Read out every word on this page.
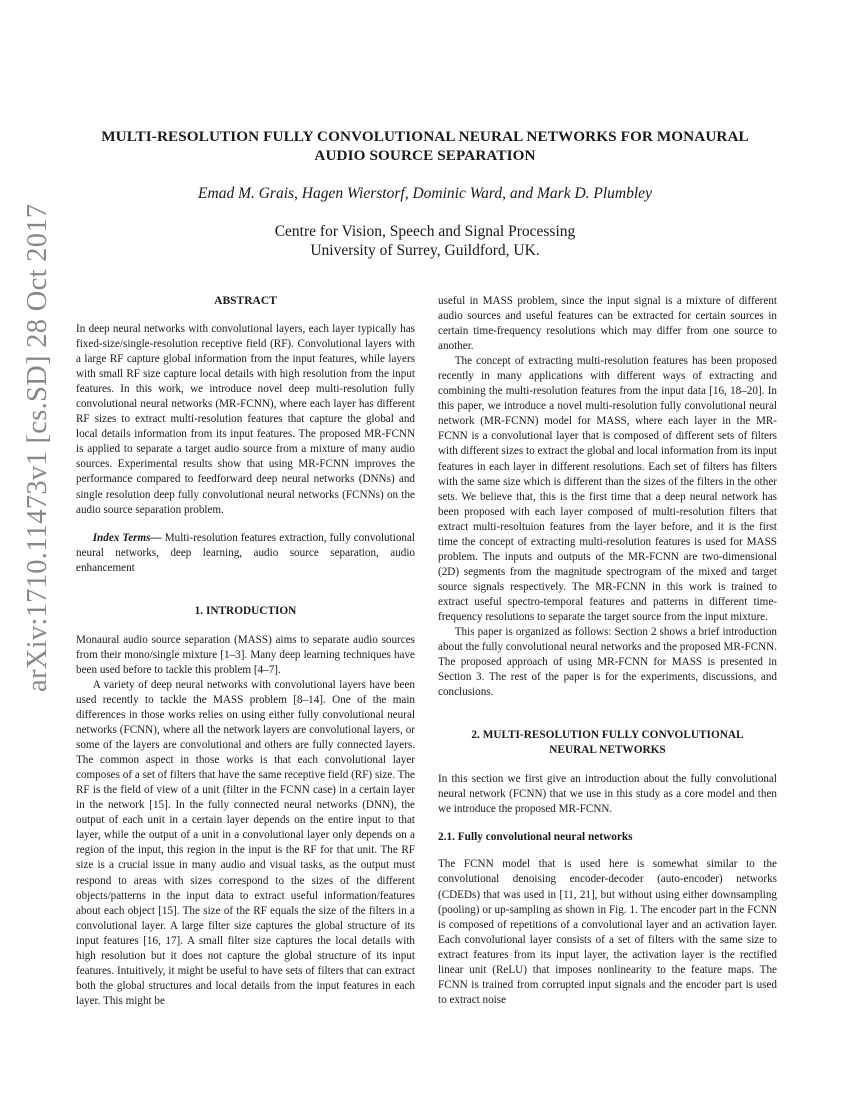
MULTI-RESOLUTION FULLY CONVOLUTIONAL NEURAL NETWORKS FOR MONAURAL
AUDIO SOURCE SEPARATION
Emad M. Grais, Hagen Wierstorf, Dominic Ward, and Mark D. Plumbley
Centre for Vision, Speech and Signal Processing
University of Surrey, Guildford, UK.
arXiv:1710.11473v1 [cs.SD] 28 Oct 2017	ABSTRACT

In deep neural networks with convolutional layers, each layer typically has fixed-size/single-resolution receptive field (RF). Convolutional layers with a large RF capture global information from the input features, while layers with small RF size capture local details with high resolution from the input features. In this work, we introduce novel deep multi-resolution fully convolutional neural networks (MR-FCNN), where each layer has different RF sizes to extract multi-resolution features that capture the global and local details information from its input features. The proposed MR-FCNN is applied to separate a target audio source from a mixture of many audio sources. Experimental results show that using MR-FCNN improves the performance compared to feedforward deep neural networks (DNNs) and single resolution deep fully convolutional neural networks (FCNNs) on the audio source separation problem.

Index Terms— Multi-resolution features extraction, fully convolutional neural networks, deep learning, audio source separation, audio enhancement

1. INTRODUCTION

Monaural audio source separation (MASS) aims to separate audio sources from their mono/single mixture [1–3]. Many deep learning techniques have been used before to tackle this problem [4–7].

A variety of deep neural networks with convolutional layers have been used recently to tackle the MASS problem [8–14]. One of the main differences in those works relies on using either fully convolutional neural networks (FCNN), where all the network layers are convolutional layers, or some of the layers are convolutional and others are fully connected layers. The common aspect in those works is that each convolutional layer composes of a set of filters that have the same receptive field (RF) size. The RF is the field of view of a unit (filter in the FCNN case) in a certain layer in the network [15]. In the fully connected neural networks (DNN), the output of each unit in a certain layer depends on the entire input to that layer, while the output of a unit in a convolutional layer only depends on a region of the input, this region in the input is the RF for that unit. The RF size is a crucial issue in many audio and visual tasks, as the output must respond to areas with sizes correspond to the sizes of the different objects/patterns in the input data to extract useful information/features about each object [15]. The size of the RF equals the size of the filters in a convolutional layer. A large filter size captures the global structure of its input features [16, 17]. A small filter size captures the local details with high resolution but it does not capture the global structure of its input features. Intuitively, it might be useful to have sets of filters that can extract both the global structures and local details from the input features in each layer. This might be

useful in MASS problem, since the input signal is a mixture of different audio sources and useful features can be extracted for certain sources in certain time-frequency resolutions which may differ from one source to another.

The concept of extracting multi-resolution features has been proposed recently in many applications with different ways of extracting and combining the multi-resolution features from the input data [16, 18–20]. In this paper, we introduce a novel multi-resolution fully convolutional neural network (MR-FCNN) model for MASS, where each layer in the MR-FCNN is a convolutional layer that is composed of different sets of filters with different sizes to extract the global and local information from its input features in each layer in different resolutions. Each set of filters has filters with the same size which is different than the sizes of the filters in the other sets. We believe that, this is the first time that a deep neural network has been proposed with each layer composed of multi-resolution filters that extract multi-resoltuion features from the layer before, and it is the first time the concept of extracting multi-resolution features is used for MASS problem. The inputs and outputs of the MR-FCNN are two-dimensional (2D) segments from the magnitude spectrogram of the mixed and target source signals respectively. The MR-FCNN in this work is trained to extract useful spectro-temporal features and patterns in different time-frequency resolutions to separate the target source from the input mixture.

This paper is organized as follows: Section 2 shows a brief introduction about the fully convolutional neural networks and the proposed MR-FCNN. The proposed approach of using MR-FCNN for MASS is presented in Section 3. The rest of the paper is for the experiments, discussions, and conclusions.

2. MULTI-RESOLUTION FULLY CONVOLUTIONAL
NEURAL NETWORKS

In this section we first give an introduction about the fully convolutional neural network (FCNN) that we use in this study as a core model and then we introduce the proposed MR-FCNN.

2.1. Fully convolutional neural networks

The FCNN model that is used here is somewhat similar to the convolutional denoising encoder-decoder (auto-encoder) networks (CDEDs) that was used in [11, 21], but without using either downsampling (pooling) or up-sampling as shown in Fig. 1. The encoder part in the FCNN is composed of repetitions of a convolutional layer and an activation layer. Each convolutional layer consists of a set of filters with the same size to extract features from its input layer, the activation layer is the rectified linear unit (ReLU) that imposes nonlinearity to the feature maps. The FCNN is trained from corrupted input signals and the encoder part is used to extract noise
